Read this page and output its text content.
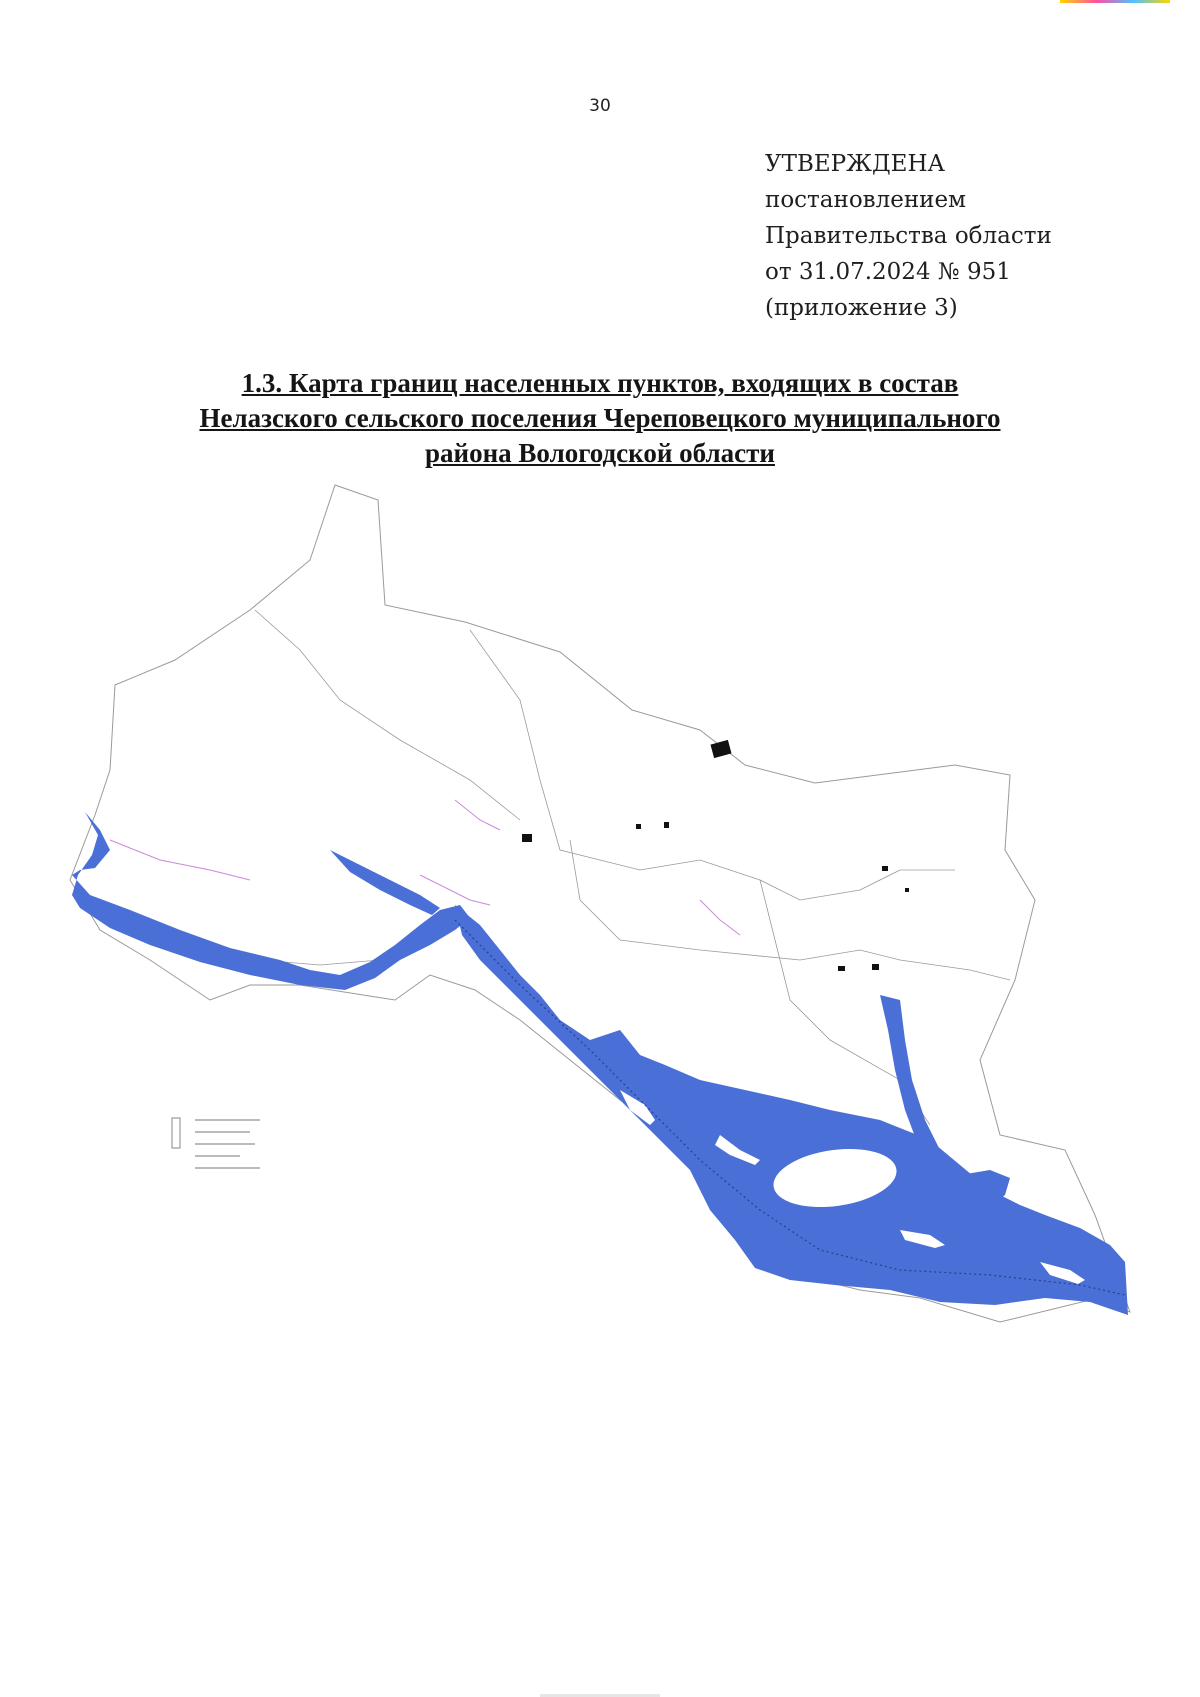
30
УТВЕРЖДЕНА
постановлением
Правительства области
от 31.07.2024 № 951
(приложение 3)
1.3. Карта границ населенных пунктов, входящих в состав
Нелазского сельского поселения Череповецкого муниципального
района Вологодской области
